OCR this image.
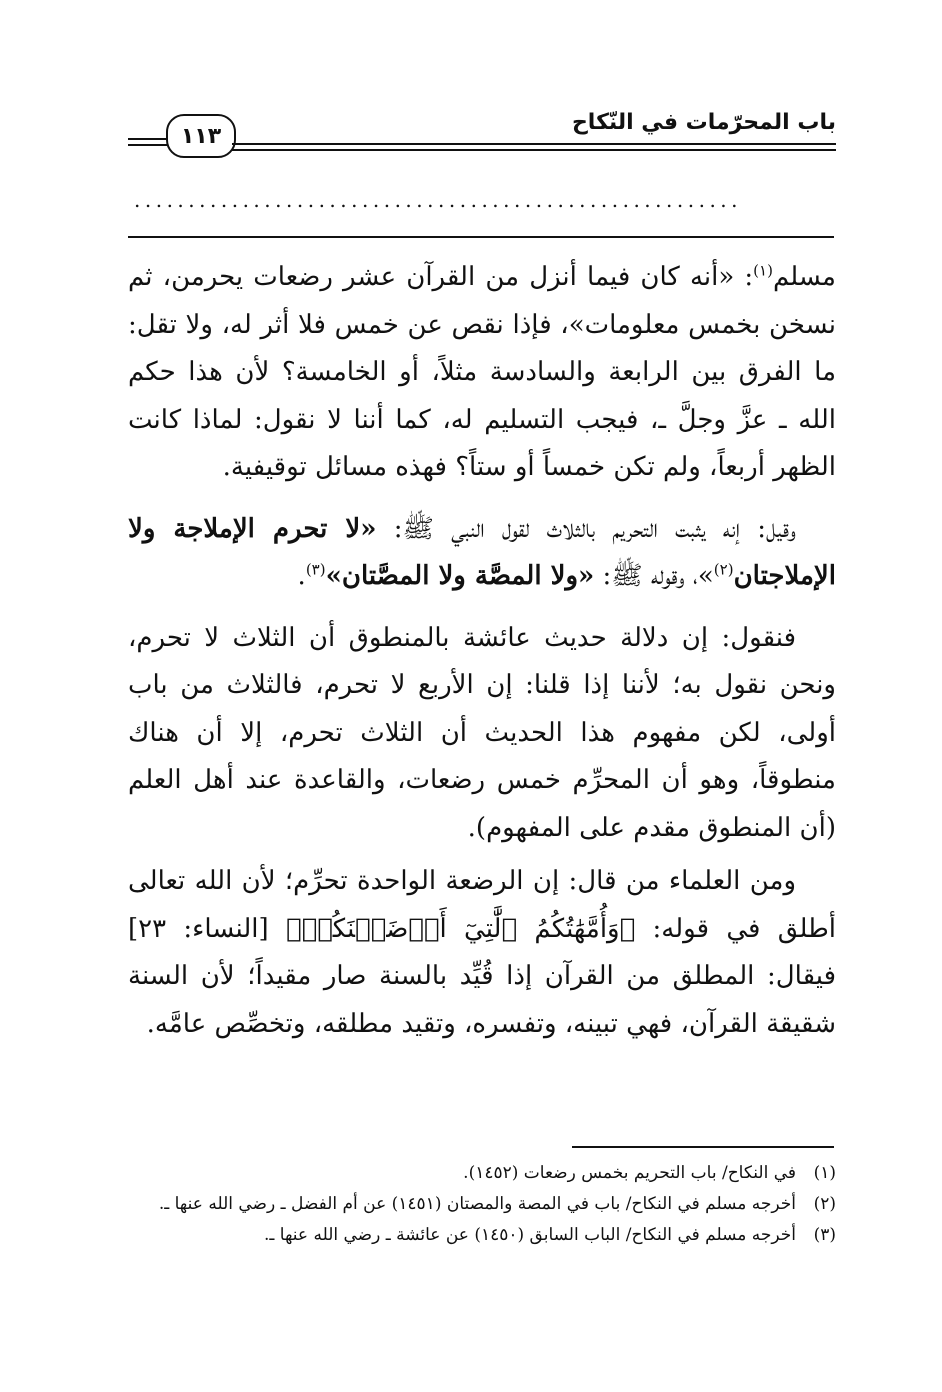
١١٣
باب المحرّمات في النّكاح
........................................................

مسلم$^{(١)}$: «أنه كان فيما أنزل من القرآن عشر رضعات يحرمن، ثم نسخن بخمس معلومات»، فإذا نقص عن خمس فلا أثر له، ولا تقل: ما الفرق بين الرابعة والسادسة مثلاً، أو الخامسة؟ لأن هذا حكم الله ـ عزَّ وجلَّ ـ، فيجب التسليم له، كما أننا لا نقول: لماذا كانت الظهر أربعاً، ولم تكن خمساً أو ستاً؟ فهذه مسائل توقيفية.

وقيل: إنه يثبت التحريم بالثلاث لقول النبي ﷺ: «لا تحرم الإملاجة ولا الإملاجتان$^{(٢)}$»، وقوله ﷺ: «ولا المصَّة ولا المصَّتان»$^{(٣)}$.

فنقول: إن دلالة حديث عائشة بالمنطوق أن الثلاث لا تحرم، ونحن نقول به؛ لأننا إذا قلنا: إن الأربع لا تحرم، فالثلاث من باب أولى، لكن مفهوم هذا الحديث أن الثلاث تحرم، إلا أن هناك منطوقاً، وهو أن المحرِّم خمس رضعات، والقاعدة عند أهل العلم (أن المنطوق مقدم على المفهوم).

ومن العلماء من قال: إن الرضعة الواحدة تحرِّم؛ لأن الله تعالى أطلق في قوله: ﴿وَأُمَّهَٰتُكُمُ ٱلَّٰتِيٓ أَرۡضَعۡنَكُمۡ﴾ [النساء: ٢٣] فيقال: المطلق من القرآن إذا قُيِّد بالسنة صار مقيداً؛ لأن السنة شقيقة القرآن، فهي تبينه، وتفسره، وتقيد مطلقه، وتخصِّص عامَّه.

(١)
في النكاح/ باب التحريم بخمس رضعات (١٤٥٢).
(٢)
أخرجه مسلم في النكاح/ باب في المصة والمصتان (١٤٥١) عن أم الفضل ـ رضي الله عنها ـ.
(٣)
أخرجه مسلم في النكاح/ الباب السابق (١٤٥٠) عن عائشة ـ رضي الله عنها ـ.
